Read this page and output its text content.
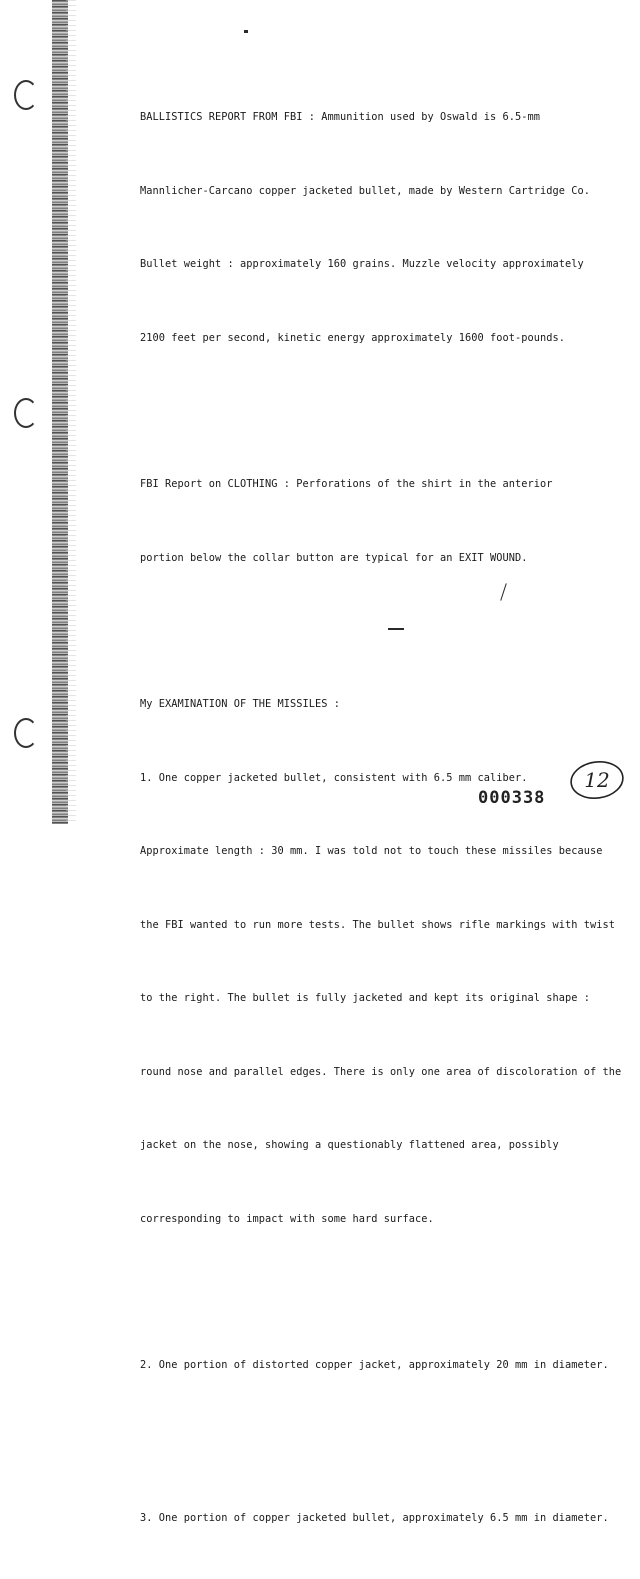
BALLISTICS REPORT FROM FBI : Ammunition used by Oswald is 6.5-mm

Mannlicher-Carcano copper jacketed bullet, made by Western Cartridge Co.

Bullet weight : approximately 160 grains. Muzzle velocity approximately

2100 feet per second, kinetic energy approximately 1600 foot-pounds.

FBI Report on CLOTHING : Perforations of the shirt in the anterior

portion below the collar button are typical for an EXIT WOUND.

My EXAMINATION OF THE MISSILES :

1. One copper jacketed bullet, consistent with 6.5 mm caliber.

Approximate length : 30 mm. I was told not to touch these missiles because

the FBI wanted to run more tests. The bullet shows rifle markings with twist

to the right. The bullet is fully jacketed and kept its original shape :

round nose and parallel edges. There is only one area of discoloration of the

jacket on the nose, showing a questionably flattened area, possibly

corresponding to impact with some hard surface.

2. One portion of distorted copper jacket, approximately 20 mm in diameter.

3. One portion of copper jacketed bullet, approximately 6.5 mm in diameter.

000338
12
